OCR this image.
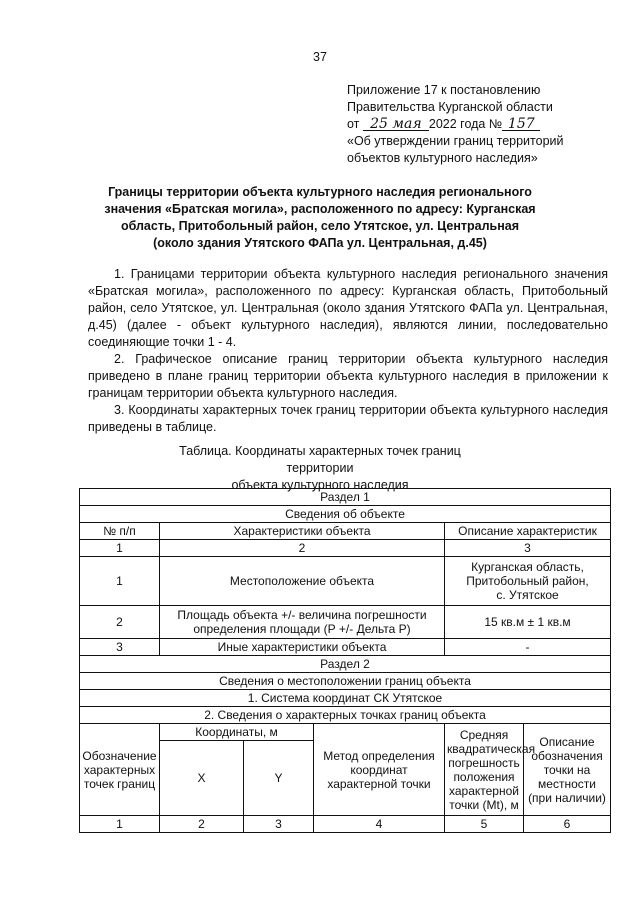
37
Приложение 17 к постановлению
Правительства Курганской области
от 25 мая 2022 года № 157
«Об утверждении границ территорий
объектов культурного наследия»
Границы территории объекта культурного наследия регионального
значения «Братская могила», расположенного по адресу: Курганская
область, Притобольный район, село Утятское, ул. Центральная
(около здания Утятского ФАПа ул. Центральная, д.45)

1. Границами территории объекта культурного наследия регионального значения «Братская могила», расположенного по адресу: Курганская область, Притобольный район, село Утятское, ул. Центральная (около здания Утятского ФАПа ул. Центральная, д.45) (далее - объект культурного наследия), являются линии, последовательно соединяющие точки 1 - 4.

2. Графическое описание границ территории объекта культурного наследия приведено в плане границ территории объекта культурного наследия в приложении к границам территории объекта культурного наследия.

3. Координаты характерных точек границ территории объекта культурного наследия приведены в таблице.

Таблица. Координаты характерных точек границ территории
объекта культурного наследия
Раздел 1					
Сведения об объекте					
№ п/п	Характеристики объекта			Описание характеристик	
1	2			3	
1	Местоположение объекта			Курганская область,
Притобольный район,
с. Утятское	

2	Площадь объекта +/- величина погрешности
определения площади (Р +/- Дельта Р)			15 кв.м ± 1 кв.м	
3	Иные характеристики объекта			-	
Раздел 2					
Сведения о местоположении границ объекта					
1. Система координат СК Утятское					
2. Сведения о характерных точках границ объекта					
Обозначение характерных точек границ	Координаты, м		Метод определения координат характерной точки	Средняя квадратическая погрешность положения характерной точки (Mt), м	Описание обозначения точки на местности (при наличии)
	X	Y			
1	2	3	4	5	6
